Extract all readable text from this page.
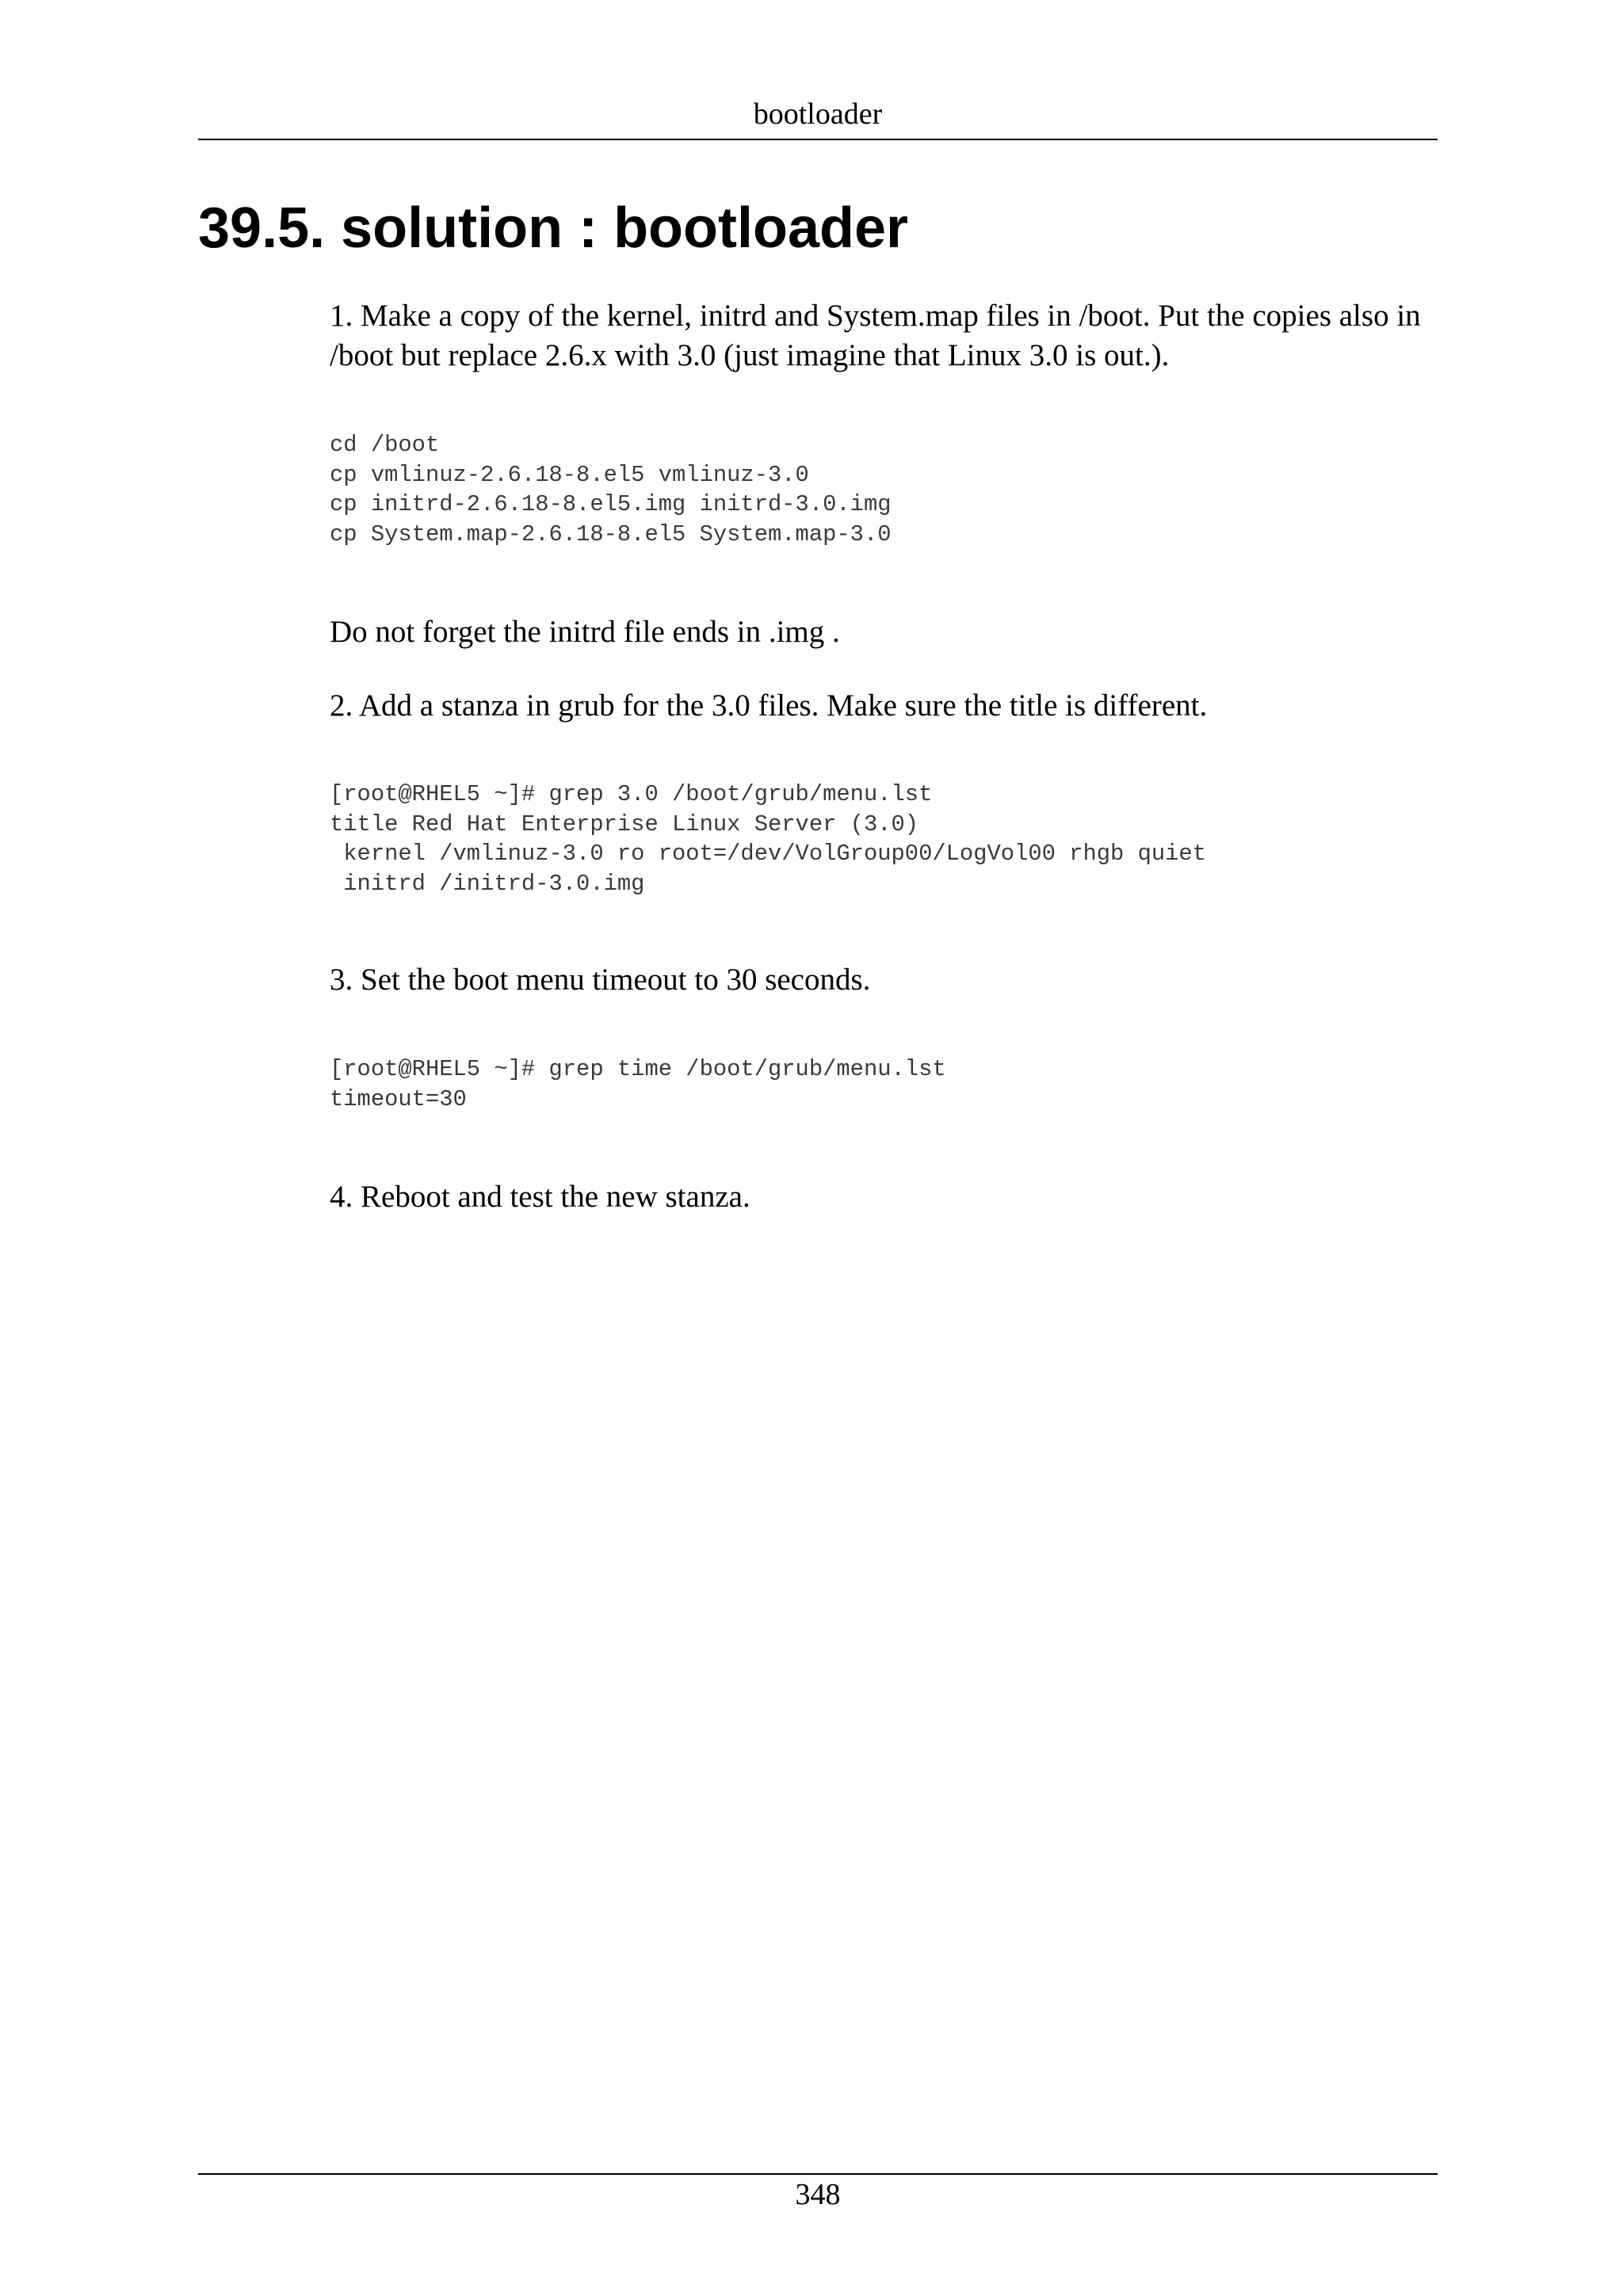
bootloader
39.5. solution : bootloader

1. Make a copy of the kernel, initrd and System.map files in /boot. Put the copies also in /boot but replace 2.6.x with 3.0 (just imagine that Linux 3.0 is out.).

cd /boot
cp vmlinuz-2.6.18-8.el5 vmlinuz-3.0
cp initrd-2.6.18-8.el5.img initrd-3.0.img
cp System.map-2.6.18-8.el5 System.map-3.0

Do not forget the initrd file ends in .img .

2. Add a stanza in grub for the 3.0 files. Make sure the title is different.

[root@RHEL5 ~]# grep 3.0 /boot/grub/menu.lst
title Red Hat Enterprise Linux Server (3.0)
kernel /vmlinuz-3.0 ro root=/dev/VolGroup00/LogVol00 rhgb quiet
initrd /initrd-3.0.img

3. Set the boot menu timeout to 30 seconds.

[root@RHEL5 ~]# grep time /boot/grub/menu.lst
timeout=30

4. Reboot and test the new stanza.

348
